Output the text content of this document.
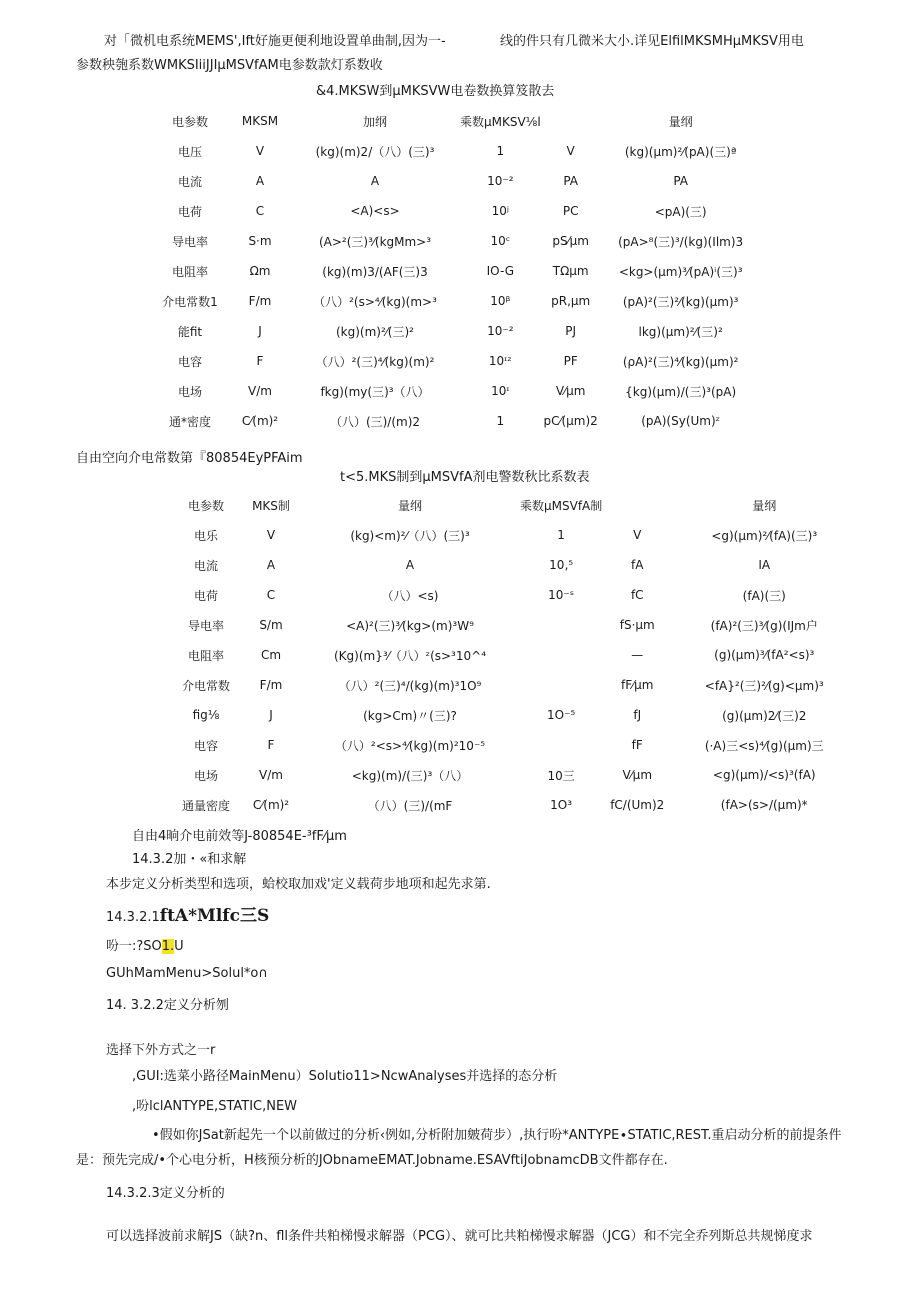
对「微机电系统MEMS',Ift好施更便利地设置单曲制,因为一-	线的件只有几微米大小.详见ElfilMKSMHμMKSV用电
参数秧匏系数WMKSIiiJJIμMSVfAM电参数款灯系数收
&4.MKSW到μMKSVW电卷数换算笈散去
电参数	MKSM	加纲	乘数μMKSV⅛l		量纲
电压	V	(kg)(m)2/（八）(三)³	1	V	(kg)(μm)²⁄(pA)(三)ª
电流	A	A	10⁻²	PA	PA
电荷	C	<A)<s>	10ʲ	PC	<pA)(三)
导电率	S⋅m	(A>²(三)³⁄(kgMm>³	10ᶜ	pS⁄μm	(pA>⁸(三)³/(kg)(Ilm)3
电阻率	Ωm	(kg)(m)3/(AF(三)3	IO-G	TΩμm	<kg>(μm)³⁄(pA)ⁱ(三)³
介电常数1	F/m	（八）²(s>⁴⁄(kg)(m>³	10ᵝ	pR,μm	(pA)²(三)²⁄(kg)(μm)³
能fit	J	(kg)(m)²⁄(三)²	10⁻²	PJ	lkg)(μm)²⁄(三)²
电容	F	（八）²(三)⁴⁄(kg)(m)²	10ᶦᶻ	PF	(ρA)²(三)⁴⁄(kg)(μm)²
电场	V/m	fkg)(my(三)³（八）	10ᶦ	V⁄μm	{kg)(μm)/(三)³(pA)
通*密度	C⁄(m)²	（八）(三)/(m)2	1	pC⁄(μm)2	(pA)(Sy(Um)ᶻ
自由空向介电常数第『80854EyPFAim
t<5.MKS制到μMSVfA剂电警数秋比系数表
电参数	MKS制	量纲	乘数μMSVfA制		量纲
电乐	V	(kg)<m)²⁄（八）(三)³	1	V	<g)(μm)²⁄(fA)(三)³
电流	A	A	10‚⁵	fA	IA
电荷	C	（八）<s)	10⁻ˢ	fC	(fA)(三)
导电率	S/m	<A)²(三)³⁄(kg>(m)³W⁹		fS⋅μm	(fA)²(三)³⁄(g)(IJm户
电阻率	Cm	(Kg)(m}³⁄（八）ᶻ(s>³10^⁴		—	(g)(μm)³⁄(fA²<s)³
介电常数	F/m	（八）²(三)⁴/(kg)(m)³1O⁹		fF⁄μm	<fA}²(三)²⁄(g)<μm)³
fig⅛	J	(kg>Cm)〃(三)?	1O⁻⁵	fJ	(g)(μm)2⁄(三)2
电容	F	（八）²<s>⁴⁄(kg)(m)²10⁻⁵		fF	(⋅A)三<s)⁴⁄(g)(μm)三
电场	V/m	<kg)(m)/(三)³（八）	10三	V⁄μm	<g)(μm)/<s)³(fA)
通量密度	C⁄(m)²	（八）(三)/(mF	1O³	fC/(Um)2	(fA>(s>/(μm)*
自由4晌介电前效等J-80854E-³fF⁄μm
14.3.2加・«和求解
本步定义分析类型和选项，蛤校取加戏'定义载荷步地项和起先求第.
14.3.2.1ftA*Mlfc三S
吩一:?SO1.U
GUhMamMenu>Solul*o∩
14. 3.2.2定义分析刎
选择下外方式之一r
,GUI:选菜小路径MainMenu）Solutio11>NcwAnalyses并选择的态分析
,吩lclANTYPE,STATIC,NEW
•假如你JSat新起先一个以前做过的分析‹例如,分析附加皴荷步）,执行吩*ANTYPE∙STATIC,REST.重启动分析的前提条件
是：预先完成/•个心电分析，H核预分析的JObnameEMAT.Jobname.ESAVftiJobnamcDB文件都存在.
14.3.2.3定义分析的
可以选择波前求解JS（缺?n、fll条件共粕梯慢求解器（PCG）、就可比共粕梯慢求解器（JCG）和不完全乔列斯总共规悌度求
